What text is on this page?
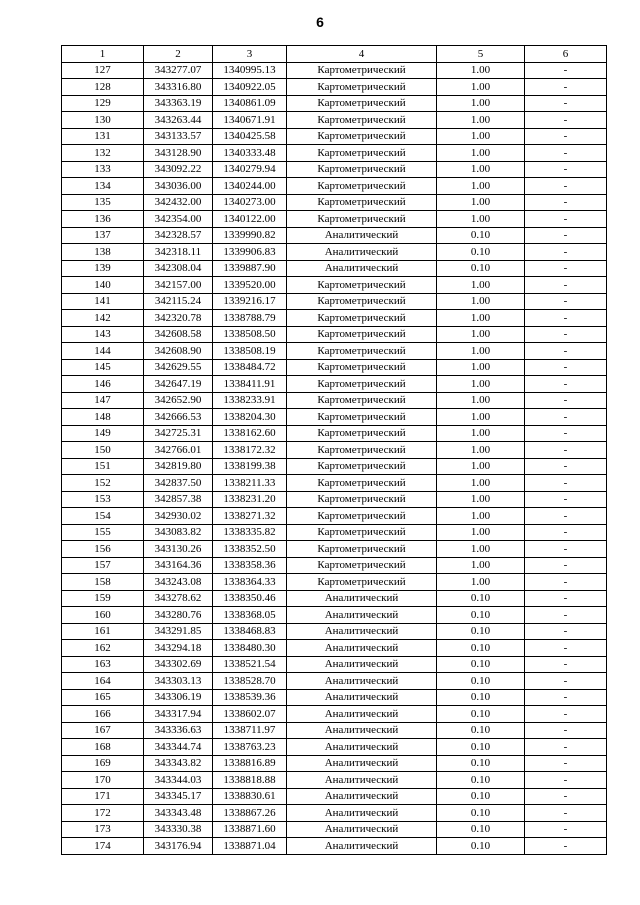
6
1	2	3	4	5	6
127	343277.07	1340995.13	Картометрический	1.00	-
128	343316.80	1340922.05	Картометрический	1.00	-
129	343363.19	1340861.09	Картометрический	1.00	-
130	343263.44	1340671.91	Картометрический	1.00	-
131	343133.57	1340425.58	Картометрический	1.00	-
132	343128.90	1340333.48	Картометрический	1.00	-
133	343092.22	1340279.94	Картометрический	1.00	-
134	343036.00	1340244.00	Картометрический	1.00	-
135	342432.00	1340273.00	Картометрический	1.00	-
136	342354.00	1340122.00	Картометрический	1.00	-
137	342328.57	1339990.82	Аналитический	0.10	-
138	342318.11	1339906.83	Аналитический	0.10	-
139	342308.04	1339887.90	Аналитический	0.10	-
140	342157.00	1339520.00	Картометрический	1.00	-
141	342115.24	1339216.17	Картометрический	1.00	-
142	342320.78	1338788.79	Картометрический	1.00	-
143	342608.58	1338508.50	Картометрический	1.00	-
144	342608.90	1338508.19	Картометрический	1.00	-
145	342629.55	1338484.72	Картометрический	1.00	-
146	342647.19	1338411.91	Картометрический	1.00	-
147	342652.90	1338233.91	Картометрический	1.00	-
148	342666.53	1338204.30	Картометрический	1.00	-
149	342725.31	1338162.60	Картометрический	1.00	-
150	342766.01	1338172.32	Картометрический	1.00	-
151	342819.80	1338199.38	Картометрический	1.00	-
152	342837.50	1338211.33	Картометрический	1.00	-
153	342857.38	1338231.20	Картометрический	1.00	-
154	342930.02	1338271.32	Картометрический	1.00	-
155	343083.82	1338335.82	Картометрический	1.00	-
156	343130.26	1338352.50	Картометрический	1.00	-
157	343164.36	1338358.36	Картометрический	1.00	-
158	343243.08	1338364.33	Картометрический	1.00	-
159	343278.62	1338350.46	Аналитический	0.10	-
160	343280.76	1338368.05	Аналитический	0.10	-
161	343291.85	1338468.83	Аналитический	0.10	-
162	343294.18	1338480.30	Аналитический	0.10	-
163	343302.69	1338521.54	Аналитический	0.10	-
164	343303.13	1338528.70	Аналитический	0.10	-
165	343306.19	1338539.36	Аналитический	0.10	-
166	343317.94	1338602.07	Аналитический	0.10	-
167	343336.63	1338711.97	Аналитический	0.10	-
168	343344.74	1338763.23	Аналитический	0.10	-
169	343343.82	1338816.89	Аналитический	0.10	-
170	343344.03	1338818.88	Аналитический	0.10	-
171	343345.17	1338830.61	Аналитический	0.10	-
172	343343.48	1338867.26	Аналитический	0.10	-
173	343330.38	1338871.60	Аналитический	0.10	-
174	343176.94	1338871.04	Аналитический	0.10	-
